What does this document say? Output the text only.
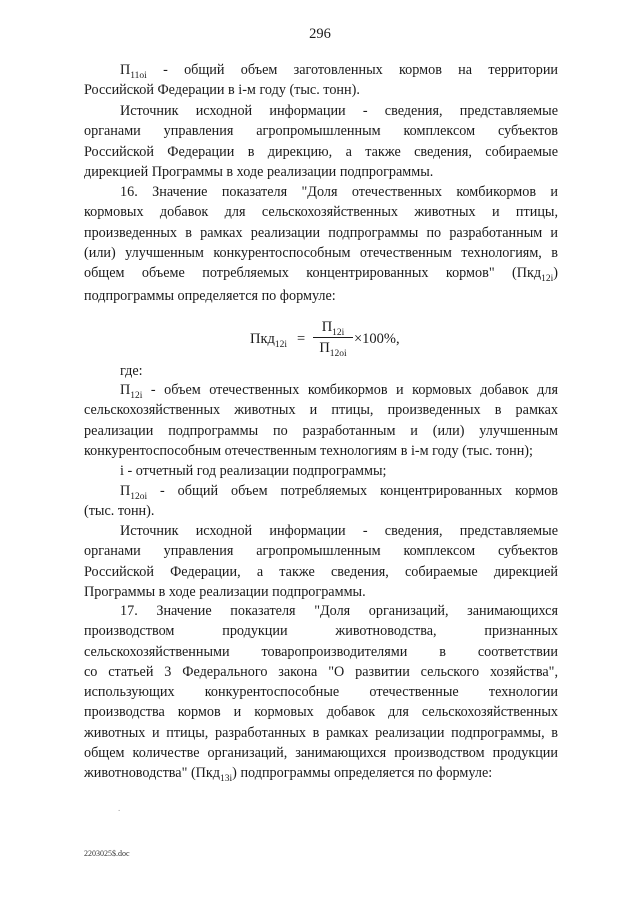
296
$П_{11oi}$ - общий объем заготовленных кормов на территории
Российской Федерации в i-м году (тыс. тонн).
Источник исходной информации - сведения, представляемые
органами управления агропромышленным комплексом субъектов
Российской Федерации в дирекцию, а также сведения, собираемые
дирекцией Программы в ходе реализации подпрограммы.
16. Значение показателя "Доля отечественных комбикормов и
кормовых добавок для сельскохозяйственных животных и птицы,
произведенных в рамках реализации подпрограммы по разработанным и
(или) улучшенным конкурентоспособным отечественным технологиям, в
общем объеме потребляемых концентрированных кормов" (Пкд$_{12i}$)
подпрограммы определяется по формуле:
Пкд$_{12i}$ =
$П_{12i}$
$П_{12oi}$
×100%,
где:
$П_{12i}$ - объем отечественных комбикормов и кормовых добавок для
сельскохозяйственных животных и птицы, произведенных в рамках
реализации подпрограммы по разработанным и (или) улучшенным
конкурентоспособным отечественным технологиям в i-м году (тыс. тонн);
i - отчетный год реализации подпрограммы;
$П_{12oi}$ - общий объем потребляемых концентрированных кормов
(тыс. тонн).
Источник исходной информации - сведения, представляемые
органами управления агропромышленным комплексом субъектов
Российской Федерации, а также сведения, собираемые дирекцией
Программы в ходе реализации подпрограммы.
17. Значение показателя "Доля организаций, занимающихся
производством продукции животноводства, признанных
сельскохозяйственными товаропроизводителями в соответствии
со статьей 3 Федерального закона "О развитии сельского хозяйства",
использующих конкурентоспособные отечественные технологии
производства кормов и кормовых добавок для сельскохозяйственных
животных и птицы, разработанных в рамках реализации подпрограммы, в
общем количестве организаций, занимающихся производством продукции
животноводства" (Пкд$_{13i}$) подпрограммы определяется по формуле:
.
2203025$.doc
